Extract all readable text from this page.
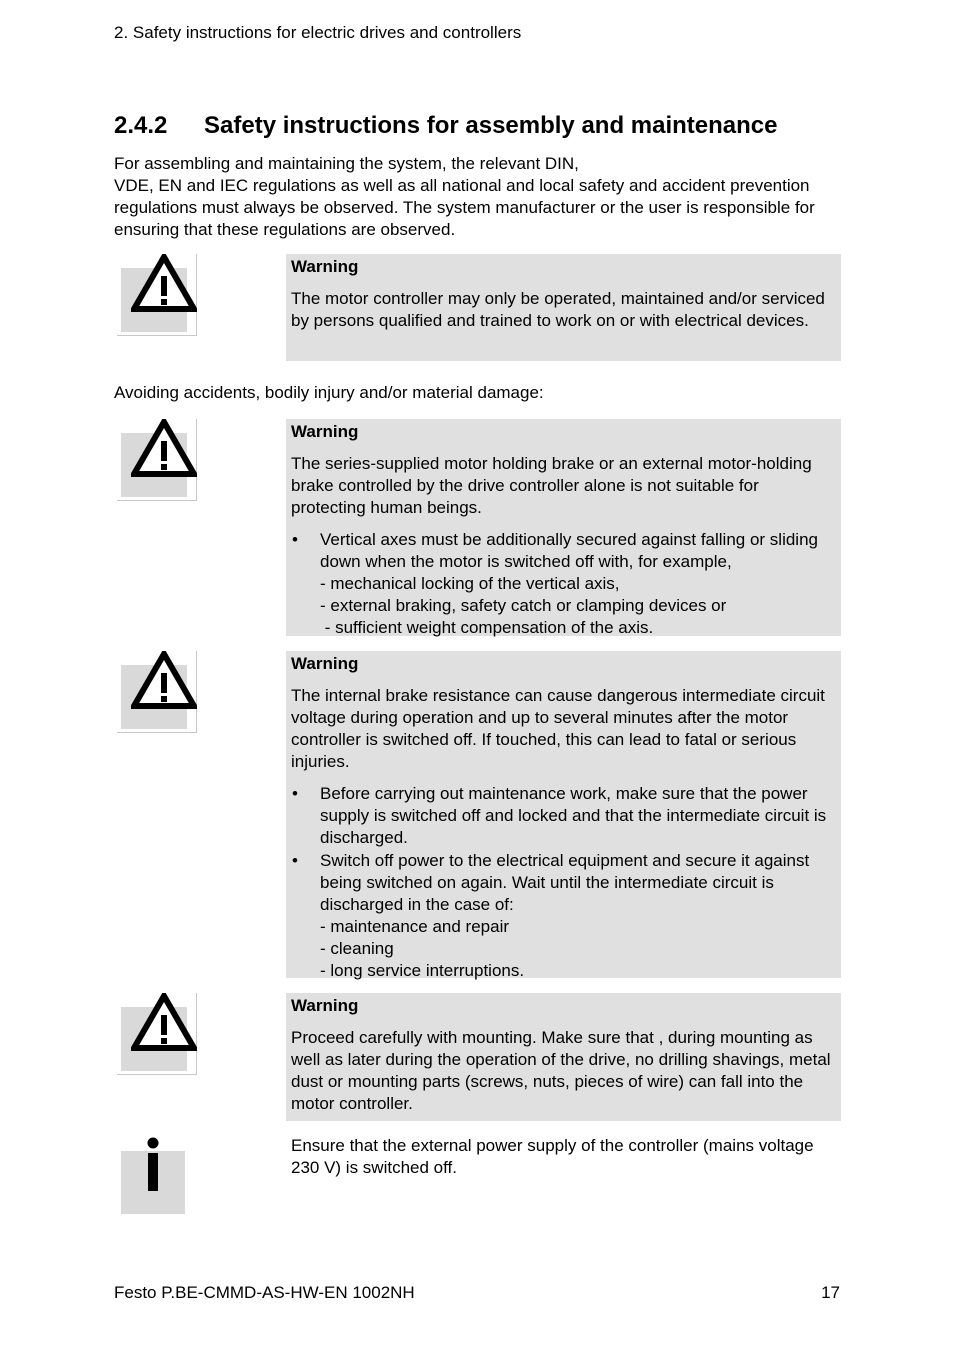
2. Safety instructions for electric drives and controllers
2.4.2 Safety instructions for assembly and maintenance
For assembling and maintaining the system, the relevant DIN,
VDE, EN and IEC regulations as well as all national and local safety and accident prevention regulations must always be observed. The system manufacturer or the user is responsible for ensuring that these regulations are observed.
Warning

The motor controller may only be operated, maintained and/or serviced by persons qualified and trained to work on or with electrical devices.

Avoiding accidents, bodily injury and/or material damage:
Warning

The series-supplied motor holding brake or an external motor-holding brake controlled by the drive controller alone is not suitable for protecting human beings.

• Vertical axes must be additionally secured against falling or sliding down when the motor is switched off with, for example,
- mechanical locking of the vertical axis,
- external braking, safety catch or clamping devices or
- sufficient weight compensation of the axis.
Warning

The internal brake resistance can cause dangerous intermediate circuit voltage during operation and up to several minutes after the motor controller is switched off. If touched, this can lead to fatal or serious injuries.

• Before carrying out maintenance work, make sure that the power supply is switched off and locked and that the intermediate circuit is discharged.
• Switch off power to the electrical equipment and secure it against being switched on again. Wait until the intermediate circuit is discharged in the case of:
- maintenance and repair
- cleaning
- long service interruptions.
Warning

Proceed carefully with mounting. Make sure that , during mounting as well as later during the operation of the drive, no drilling shavings, metal dust or mounting parts (screws, nuts, pieces of wire) can fall into the motor controller.

Ensure that the external power supply of the controller (mains voltage 230 V) is switched off.
Festo P.BE-CMMD-AS-HW-EN 1002NH	17
